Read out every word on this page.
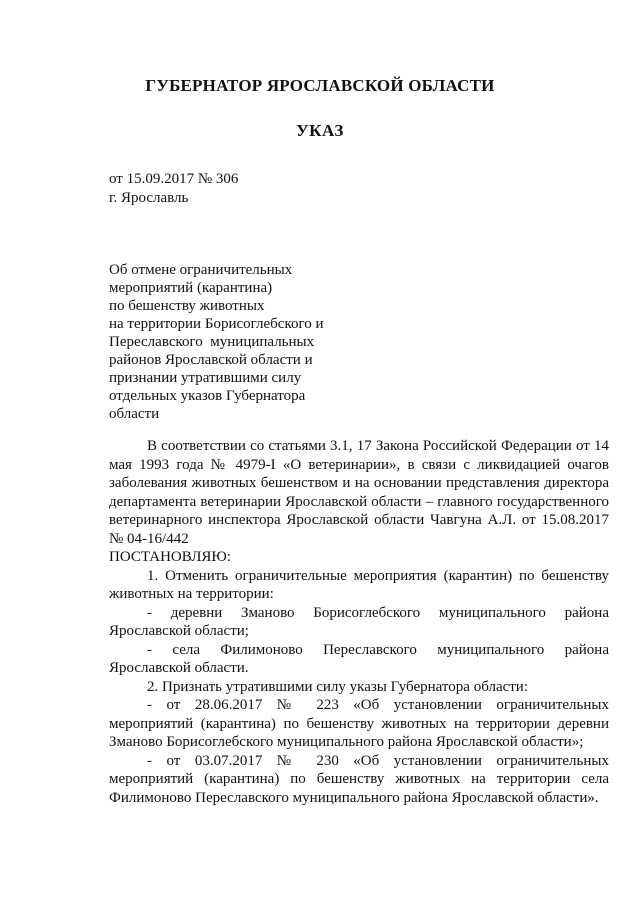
ГУБЕРНАТОР ЯРОСЛАВСКОЙ ОБЛАСТИ
УКАЗ
от 15.09.2017 № 306
г. Ярославль
Об отмене ограничительных
мероприятий (карантина)
по бешенству животных
на территории Борисоглебского и
Переславского  муниципальных
районов Ярославской области и
признании утратившими силу
отдельных указов Губернатора
области

В соответствии со статьями 3.1, 17 Закона Российской Федерации от 14 мая 1993 года № 4979-I «О ветеринарии», в связи с ликвидацией очагов заболевания животных бешенством и на основании представления директора департамента ветеринарии Ярославской области – главного государственного ветеринарного инспектора Ярославской области Чавгуна А.Л. от 15.08.2017 № 04-16/442

ПОСТАНОВЛЯЮ:

1. Отменить ограничительные мероприятия (карантин) по бешенству животных на территории:

- деревни Зманово Борисоглебского муниципального района Ярославской области;

- села Филимоново Переславского муниципального района Ярославской области.

2. Признать утратившими силу указы Губернатора области:

- от 28.06.2017 № 223 «Об установлении ограничительных мероприятий (карантина) по бешенству животных на территории деревни Зманово Борисоглебского муниципального района Ярославской области»;

- от 03.07.2017 № 230 «Об установлении ограничительных мероприятий (карантина) по бешенству животных на территории села Филимоново Переславского муниципального района Ярославской области».
